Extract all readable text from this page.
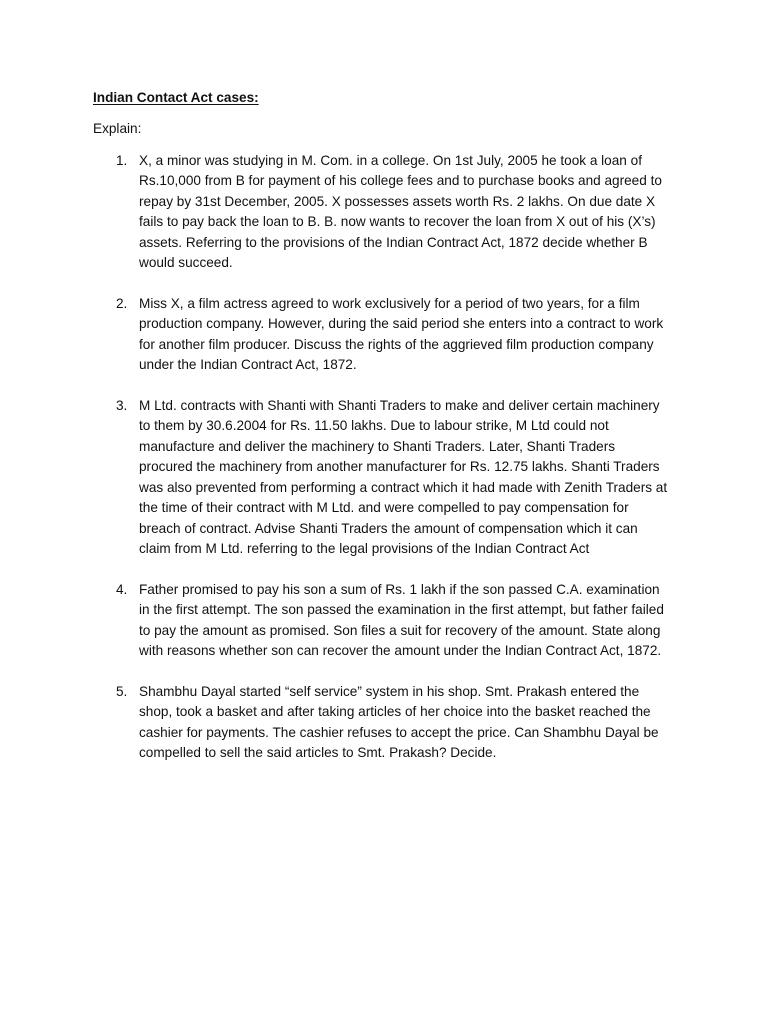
Indian Contact Act cases:
Explain:
1. X, a minor was studying in M. Com. in a college. On 1st July, 2005 he took a loan of Rs.10,000 from B for payment of his college fees and to purchase books and agreed to repay by 31st December, 2005. X possesses assets worth Rs. 2 lakhs. On due date X fails to pay back the loan to B. B. now wants to recover the loan from X out of his (X’s) assets. Referring to the provisions of the Indian Contract Act, 1872 decide whether B would succeed.
2. Miss X, a film actress agreed to work exclusively for a period of two years, for a film production company. However, during the said period she enters into a contract to work for another film producer. Discuss the rights of the aggrieved film production company under the Indian Contract Act, 1872.
3. M Ltd. contracts with Shanti with Shanti Traders to make and deliver certain machinery to them by 30.6.2004 for Rs. 11.50 lakhs. Due to labour strike, M Ltd could not manufacture and deliver the machinery to Shanti Traders. Later, Shanti Traders procured the machinery from another manufacturer for Rs. 12.75 lakhs. Shanti Traders was also prevented from performing a contract which it had made with Zenith Traders at the time of their contract with M Ltd. and were compelled to pay compensation for breach of contract. Advise Shanti Traders the amount of compensation which it can claim from M Ltd. referring to the legal provisions of the Indian Contract Act
4. Father promised to pay his son a sum of Rs. 1 lakh if the son passed C.A. examination in the first attempt. The son passed the examination in the first attempt, but father failed to pay the amount as promised. Son files a suit for recovery of the amount. State along with reasons whether son can recover the amount under the Indian Contract Act, 1872.
5. Shambhu Dayal started “self service” system in his shop. Smt. Prakash entered the shop, took a basket and after taking articles of her choice into the basket reached the cashier for payments. The cashier refuses to accept the price. Can Shambhu Dayal be compelled to sell the said articles to Smt. Prakash? Decide.
